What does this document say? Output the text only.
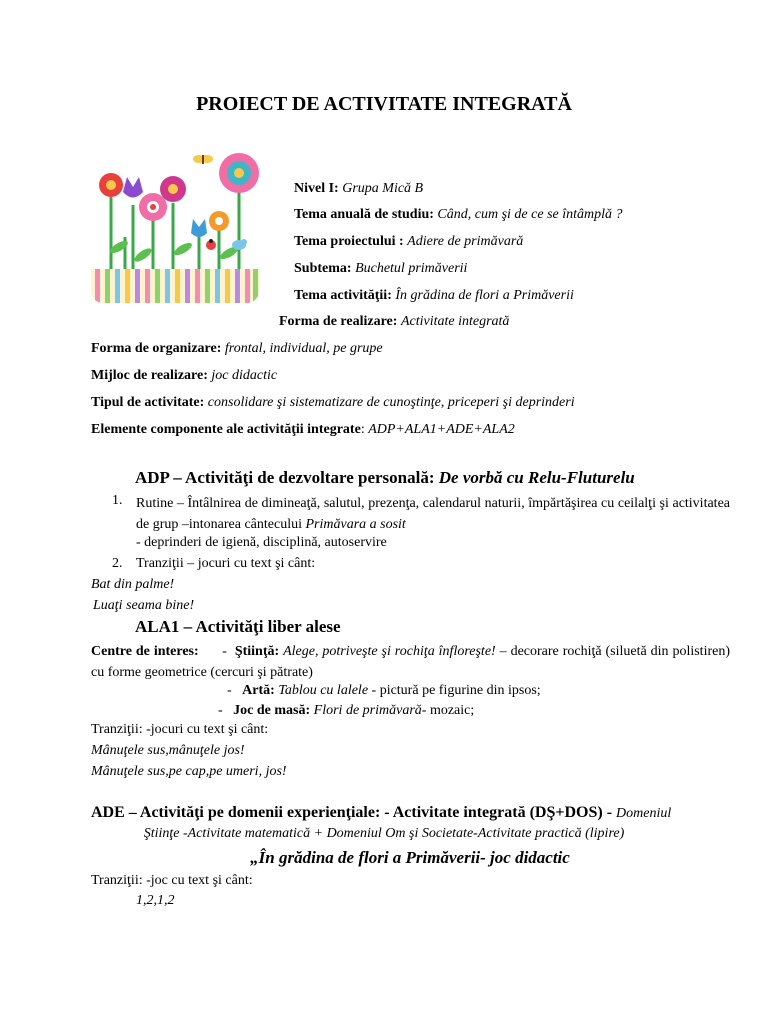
PROIECT DE ACTIVITATE INTEGRATĂ
Nivel I: Grupa Mică B
Tema anuală de studiu: Când, cum şi de ce se întâmplă ?
Tema proiectului : Adiere de primăvară
Subtema: Buchetul primăverii
Tema activităţii: În grădina de flori a Primăverii
Forma de realizare: Activitate integrată
Forma de organizare: frontal, individual, pe grupe
Mijloc de realizare: joc didactic
Tipul de activitate: consolidare şi sistematizare de cunoştinţe, priceperi şi deprinderi
Elemente componente ale activităţii integrate: ADP+ALA1+ADE+ALA2
ADP – Activităţi de dezvoltare personală: De vorbă cu Relu-Fluturelu
1. Rutine – Întâlnirea de dimineaţă, salutul, prezenţa, calendarul naturii, împărtăşirea cu ceilalţi şi activitatea de grup –intonarea cântecului Primăvara a sosit
- deprinderi de igienă, disciplină, autoservire
2. Tranziţii – jocuri cu text şi cânt:
Bat din palme!
Luaţi seama bine!
ALA1 – Activităţi liber alese
Centre de interes: - Ştiinţă: Alege, potriveşte şi rochiţa înfloreşte! – decorare rochiţă (siluetă din polistiren) cu forme geometrice (cercuri şi pătrate)
- Artă: Tablou cu lalele - pictură pe figurine din ipsos;
- Joc de masă: Flori de primăvară- mozaic;
Tranziţii: -jocuri cu text şi cânt:
Mânuţele sus,mânuţele jos!
Mânuţele sus,pe cap,pe umeri, jos!
ADE – Activităţi pe domenii experienţiale: - Activitate integrată (DŞ+DOS) - Domeniul
Ştiinţe -Activitate matematică + Domeniul Om şi Societate-Activitate practică (lipire)
„În grădina de flori a Primăverii- joc didactic
Tranziţii: -joc cu text şi cânt:
1,2,1,2
